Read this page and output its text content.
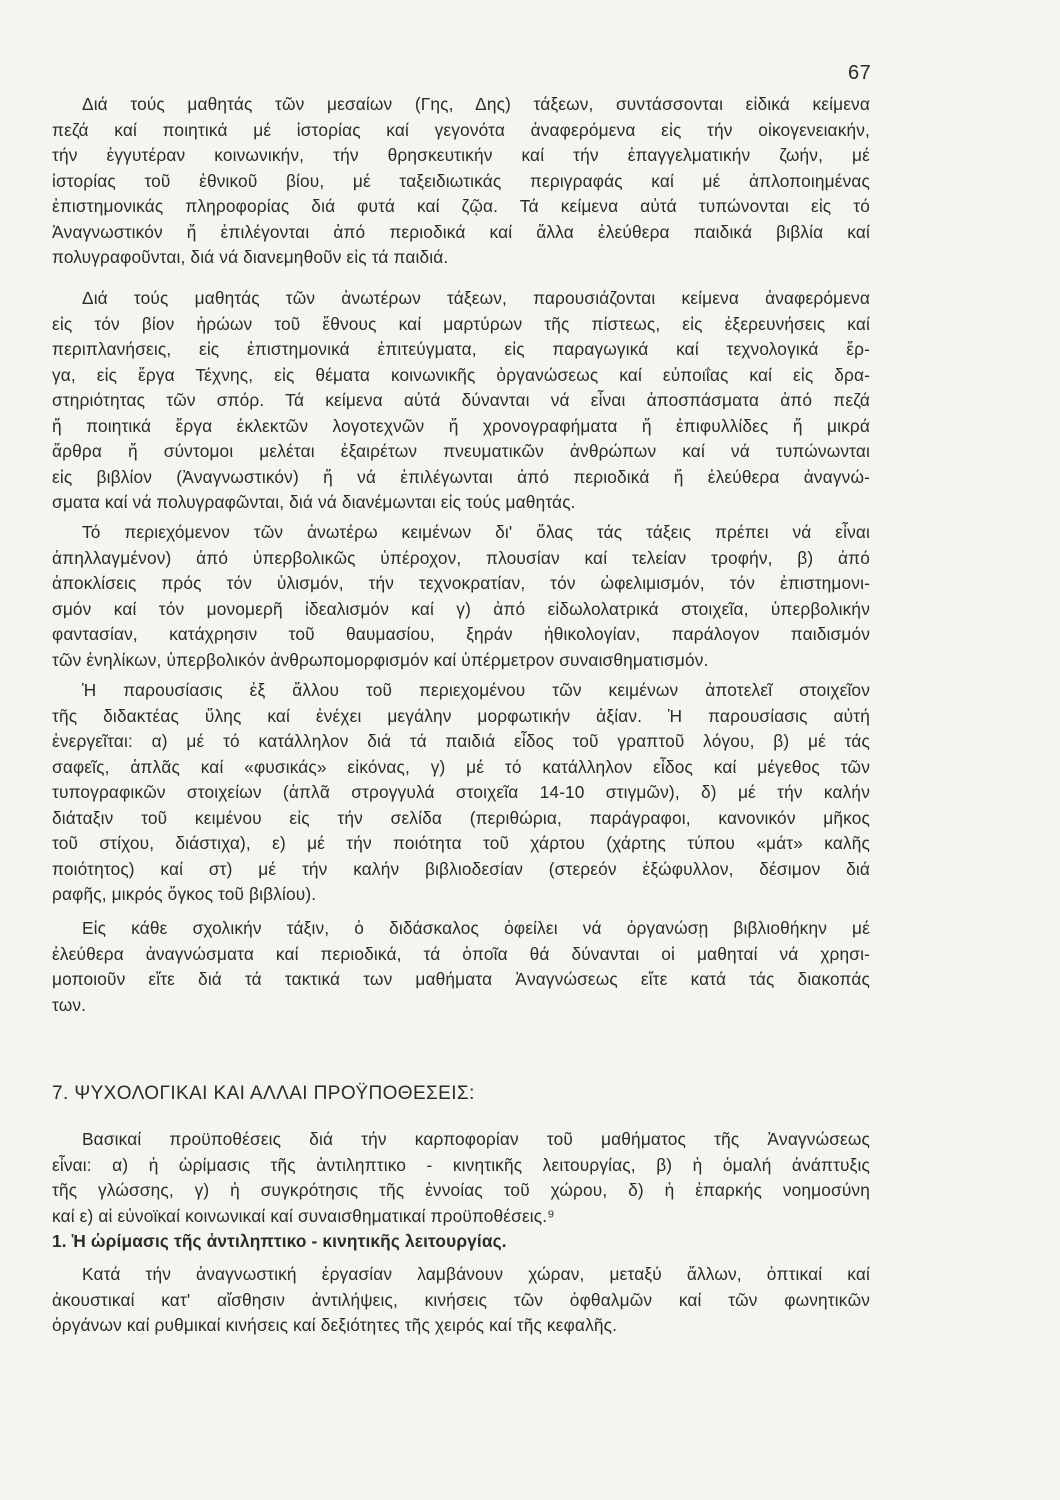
67
Διά τούς μαθητάς τῶν μεσαίων (Γης, Δης) τάξεων, συντάσσονται εἰδικά κείμενα
πεζά καί ποιητικά μέ ἱστορίας καί γεγονότα ἀναφερόμενα εἰς τήν οἰκογενειακήν,
τήν ἐγγυτέραν κοινωνικήν, τήν θρησκευτικήν καί τήν ἐπαγγελματικήν ζωήν, μέ
ἱστορίας τοῦ ἐθνικοῦ βίου, μέ ταξειδιωτικάς περιγραφάς καί μέ ἀπλοποιημένας
ἐπιστημονικάς πληροφορίας διά φυτά καί ζῷα. Τά κείμενα αὐτά τυπώνονται εἰς τό
Ἀναγνωστικόν ἤ ἐπιλέγονται ἀπό περιοδικά καί ἄλλα ἐλεύθερα παιδικά βιβλία καί
πολυγραφοῦνται, διά νά διανεμηθοῦν εἰς τά παιδιά.
Διά τούς μαθητάς τῶν ἀνωτέρων τάξεων, παρουσιάζονται κείμενα ἀναφερόμενα
εἰς τόν βίον ἡρώων τοῦ ἔθνους καί μαρτύρων τῆς πίστεως, εἰς ἐξερευνήσεις καί
περιπλανήσεις, εἰς ἐπιστημονικά ἐπιτεύγματα, εἰς παραγωγικά καί τεχνολογικά ἔρ-
γα, εἰς ἔργα Τέχνης, εἰς θέματα κοινωνικῆς ὀργανώσεως καί εὐποιΐας καί εἰς δρα-
στηριότητας τῶν σπόρ. Τά κείμενα αὐτά δύνανται νά εἶναι ἀποσπάσματα ἀπό πεζά
ἤ ποιητικά ἔργα ἐκλεκτῶν λογοτεχνῶν ἤ χρονογραφήματα ἤ ἐπιφυλλίδες ἤ μικρά
ἄρθρα ἤ σύντομοι μελέται ἐξαιρέτων πνευματικῶν ἀνθρώπων καί νά τυπώνωνται
εἰς βιβλίον (Ἀναγνωστικόν) ἤ νά ἐπιλέγωνται ἀπό περιοδικά ἤ ἐλεύθερα ἀναγνώ-
σματα καί νά πολυγραφῶνται, διά νά διανέμωνται εἰς τούς μαθητάς.
Τό περιεχόμενον τῶν ἀνωτέρω κειμένων δι' ὅλας τάς τάξεις πρέπει νά εἶναι
ἀπηλλαγμένον) ἀπό ὑπερβολικῶς ὑπέροχον, πλουσίαν καί τελείαν τροφήν, β) ἀπό
ἀποκλίσεις πρός τόν ὑλισμόν, τήν τεχνοκρατίαν, τόν ὠφελιμισμόν, τόν ἐπιστημονι-
σμόν καί τόν μονομερῆ ἰδεαλισμόν καί γ) ἀπό εἰδωλολατρικά στοιχεῖα, ὑπερβολικήν
φαντασίαν, κατάχρησιν τοῦ θαυμασίου, ξηράν ἠθικολογίαν, παράλογον παιδισμόν
τῶν ἐνηλίκων, ὑπερβολικόν ἀνθρωπομορφισμόν καί ὑπέρμετρον συναισθηματισμόν.
Ἡ παρουσίασις ἐξ ἄλλου τοῦ περιεχομένου τῶν κειμένων ἀποτελεῖ στοιχεῖον
τῆς διδακτέας ὕλης καί ἐνέχει μεγάλην μορφωτικήν ἀξίαν. Ἡ παρουσίασις αὐτή
ἐνεργεῖται: α) μέ τό κατάλληλον διά τά παιδιά εἶδος τοῦ γραπτοῦ λόγου, β) μέ τάς
σαφεῖς, ἁπλᾶς καί «φυσικάς» εἰκόνας, γ) μέ τό κατάλληλον εἶδος καί μέγεθος τῶν
τυπογραφικῶν στοιχείων (ἁπλᾶ στρογγυλά στοιχεῖα 14-10 στιγμῶν), δ) μέ τήν καλήν
διάταξιν τοῦ κειμένου εἰς τήν σελίδα (περιθώρια, παράγραφοι, κανονικόν μῆκος
τοῦ στίχου, διάστιχα), ε) μέ τήν ποιότητα τοῦ χάρτου (χάρτης τύπου «μάτ» καλῆς
ποιότητος) καί στ) μέ τήν καλήν βιβλιοδεσίαν (στερεόν ἐξώφυλλον, δέσιμον διά
ραφῆς, μικρός ὄγκος τοῦ βιβλίου).
Εἰς κάθε σχολικήν τάξιν, ὁ διδάσκαλος ὀφείλει νά ὀργανώσῃ βιβλιοθήκην μέ
ἐλεύθερα ἀναγνώσματα καί περιοδικά, τά ὁποῖα θά δύνανται οἱ μαθηταί νά χρησι-
μοποιοῦν εἴτε διά τά τακτικά των μαθήματα Ἀναγνώσεως εἴτε κατά τάς διακοπάς
των.
7. ΨΥΧΟΛΟΓΙΚΑΙ ΚΑΙ ΑΛΛΑΙ ΠΡΟΫΠΟΘΕΣΕΙΣ:
Βασικαί προϋποθέσεις διά τήν καρποφορίαν τοῦ μαθήματος τῆς Ἀναγνώσεως
εἶναι: α) ἡ ὡρίμασις τῆς ἀντιληπτικο - κινητικῆς λειτουργίας, β) ἡ ὁμαλή ἀνάπτυξις
τῆς γλώσσης, γ) ἡ συγκρότησις τῆς ἐννοίας τοῦ χώρου, δ) ἡ ἐπαρκής νοημοσύνη
καί ε) αἱ εὐνοϊκαί κοινωνικαί καί συναισθηματικαί προϋποθέσεις.⁹
1. Ἡ ὡρίμασις τῆς ἀντιληπτικο - κινητικῆς λειτουργίας.
Κατά τήν ἀναγνωστική ἐργασίαν λαμβάνουν χώραν, μεταξύ ἄλλων, ὀπτικαί καί
ἀκουστικαί κατ' αἴσθησιν ἀντιλήψεις, κινήσεις τῶν ὀφθαλμῶν καί τῶν φωνητικῶν
ὀργάνων καί ρυθμικαί κινήσεις καί δεξιότητες τῆς χειρός καί τῆς κεφαλῆς.
